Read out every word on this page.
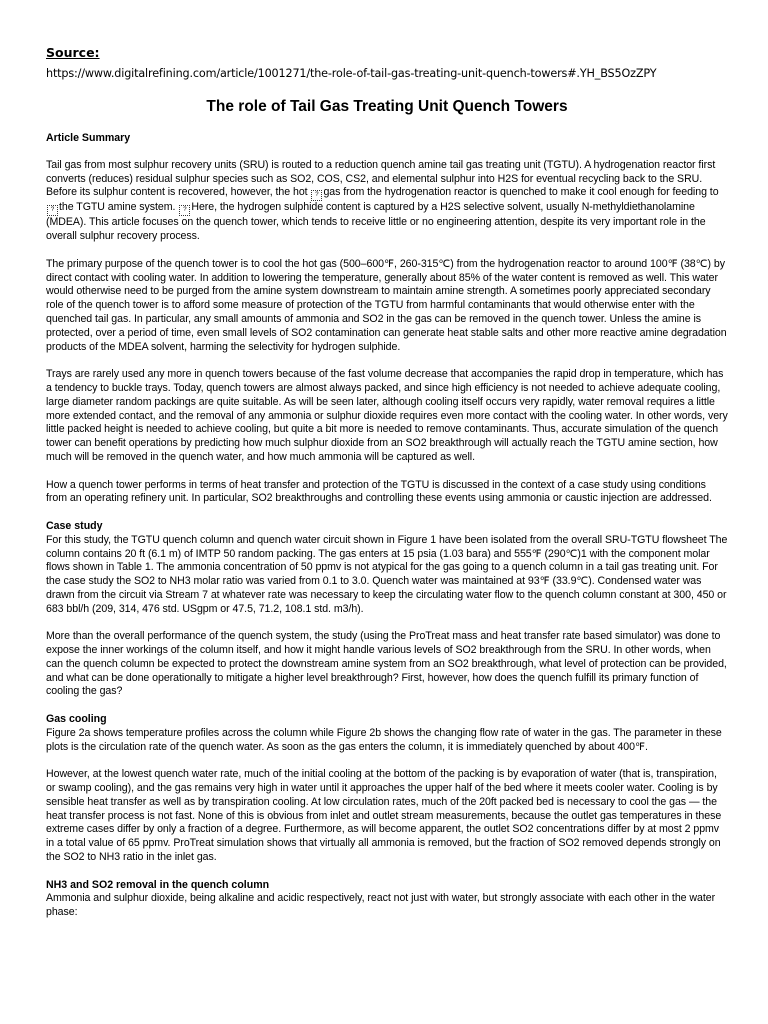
Source:
https://www.digitalrefining.com/article/1001271/the-role-of-tail-gas-treating-unit-quench-towers#.YH_BS5OzZPY
The role of Tail Gas Treating Unit Quench Towers
Article Summary

Tail gas from most sulphur recovery units (SRU) is routed to a reduction quench amine tail gas treating unit (TGTU). A hydrogenation reactor first converts (reduces) residual sulphur species such as SO2, COS, CS2, and elemental sulphur into H2S for eventual recycling back to the SRU. Before its sulphur content is recovered, however, the hot ? gas from the hydrogenation reactor is quenched to make it cool enough for feeding to ? the TGTU amine system. ? Here, the hydrogen sulphide content is captured by a H2S selective solvent, usually N-methyldiethanolamine (MDEA). This article focuses on the quench tower, which tends to receive little or no engineering attention, despite its very important role in the overall sulphur recovery process.

The primary purpose of the quench tower is to cool the hot gas (500–600℉, 260-315℃) from the hydrogenation reactor to around 100℉ (38℃) by direct contact with cooling water. In addition to lowering the temperature, generally about 85% of the water content is removed as well. This water would otherwise need to be purged from the amine system downstream to maintain amine strength. A sometimes poorly appreciated secondary role of the quench tower is to afford some measure of protection of the TGTU from harmful contaminants that would otherwise enter with the quenched tail gas. In particular, any small amounts of ammonia and SO2 in the gas can be removed in the quench tower. Unless the amine is protected, over a period of time, even small levels of SO2 contamination can generate heat stable salts and other more reactive amine degradation products of the MDEA solvent, harming the selectivity for hydrogen sulphide.

Trays are rarely used any more in quench towers because of the fast volume decrease that accompanies the rapid drop in temperature, which has a tendency to buckle trays. Today, quench towers are almost always packed, and since high efficiency is not needed to achieve adequate cooling, large diameter random packings are quite suitable. As will be seen later, although cooling itself occurs very rapidly, water removal requires a little more extended contact, and the removal of any ammonia or sulphur dioxide requires even more contact with the cooling water. In other words, very little packed height is needed to achieve cooling, but quite a bit more is needed to remove contaminants. Thus, accurate simulation of the quench tower can benefit operations by predicting how much sulphur dioxide from an SO2 breakthrough will actually reach the TGTU amine section, how much will be removed in the quench water, and how much ammonia will be captured as well.

How a quench tower performs in terms of heat transfer and protection of the TGTU is discussed in the context of a case study using conditions from an operating refinery unit. In particular, SO2 breakthroughs and controlling these events using ammonia or caustic injection are addressed.

Case study

For this study, the TGTU quench column and quench water circuit shown in Figure 1 have been isolated from the overall SRU-TGTU flowsheet The column contains 20 ft (6.1 m) of IMTP 50 random packing. The gas enters at 15 psia (1.03 bara) and 555℉ (290℃)1 with the component molar flows shown in Table 1. The ammonia concentration of 50 ppmv is not atypical for the gas going to a quench column in a tail gas treating unit. For the case study the SO2 to NH3 molar ratio was varied from 0.1 to 3.0. Quench water was maintained at 93℉ (33.9℃). Condensed water was drawn from the circuit via Stream 7 at whatever rate was necessary to keep the circulating water flow to the quench column constant at 300, 450 or 683 bbl/h (209, 314, 476 std. USgpm or 47.5, 71.2, 108.1 std. m3/h).

More than the overall performance of the quench system, the study (using the ProTreat mass and heat transfer rate based simulator) was done to expose the inner workings of the column itself, and how it might handle various levels of SO2 breakthrough from the SRU. In other words, when can the quench column be expected to protect the downstream amine system from an SO2 breakthrough, what level of protection can be provided, and what can be done operationally to mitigate a higher level breakthrough? First, however, how does the quench fulfill its primary function of cooling the gas?

Gas cooling

Figure 2a shows temperature profiles across the column while Figure 2b shows the changing flow rate of water in the gas. The parameter in these plots is the circulation rate of the quench water. As soon as the gas enters the column, it is immediately quenched by about 400℉.

However, at the lowest quench water rate, much of the initial cooling at the bottom of the packing is by evaporation of water (that is, transpiration, or swamp cooling), and the gas remains very high in water until it approaches the upper half of the bed where it meets cooler water. Cooling is by sensible heat transfer as well as by transpiration cooling. At low circulation rates, much of the 20ft packed bed is necessary to cool the gas — the heat transfer process is not fast. None of this is obvious from inlet and outlet stream measurements, because the outlet gas temperatures in these extreme cases differ by only a fraction of a degree. Furthermore, as will become apparent, the outlet SO2 concentrations differ by at most 2 ppmv in a total value of 65 ppmv. ProTreat simulation shows that virtually all ammonia is removed, but the fraction of SO2 removed depends strongly on the SO2 to NH3 ratio in the inlet gas.

NH3 and SO2 removal in the quench column

Ammonia and sulphur dioxide, being alkaline and acidic respectively, react not just with water, but strongly associate with each other in the water phase:
